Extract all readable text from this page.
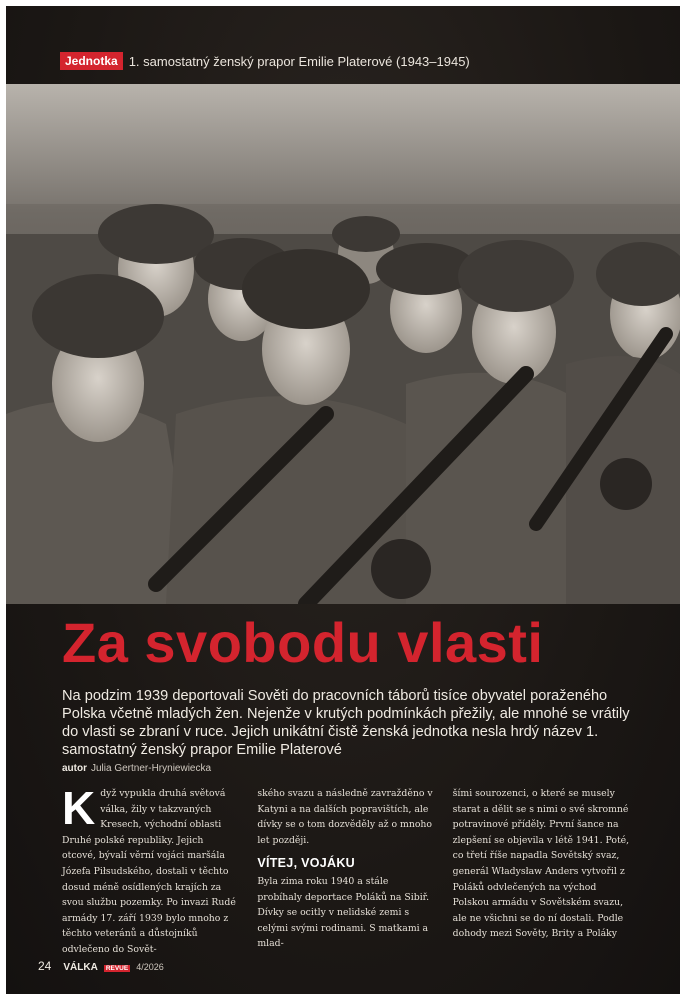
Jednotka 1. samostatný ženský prapor Emilie Platerové (1943–1945)
Za svobodu vlasti
Na podzim 1939 deportovali Sověti do pracovních táborů tisíce obyvatel poraženého Polska včetně mladých žen. Nejenže v krutých podmínkách přežily, ale mnohé se vrátily do vlasti se zbraní v ruce. Jejich unikátní čistě ženská jednotka nesla hrdý název 1. samostatný ženský prapor Emilie Platerové
autor Julia Gertner-Hryniewiecka
K dyž vypukla druhá světová válka, žily v takzvaných Kresech, východní oblasti Druhé polské republiky. Jejich otcové, bývalí věrní vojáci maršála Józefa Piłsudského, dostali v těchto dosud méně osídlených krajích za svou službu pozemky. Po invazi Rudé armády 17. září 1939 bylo mnoho z těchto veteránů a důstojníků odvlečeno do Sovět-

ského svazu a následně zavražděno v Katyni a na dalších popravištích, ale dívky se o tom dozvěděly až o mnoho let později.

VÍTEJ, VOJÁKU

Byla zima roku 1940 a stále probíhaly deportace Poláků na Sibiř. Dívky se ocitly v nelidské zemi s celými svými rodinami. S matkami a mlad-

šími sourozenci, o které se musely starat a dělit se s nimi o své skromné potravinové příděly. První šance na zlepšení se objevila v létě 1941. Poté, co třetí říše napadla Sovětský svaz, generál Władysław Anders vytvořil z Poláků odvlečených na východ Polskou armádu v Sovětském svazu, ale ne všichni se do ní dostali. Podle dohody mezi Sověty, Brity a Poláky

24 VÁLKA	REVUE 4/2026
